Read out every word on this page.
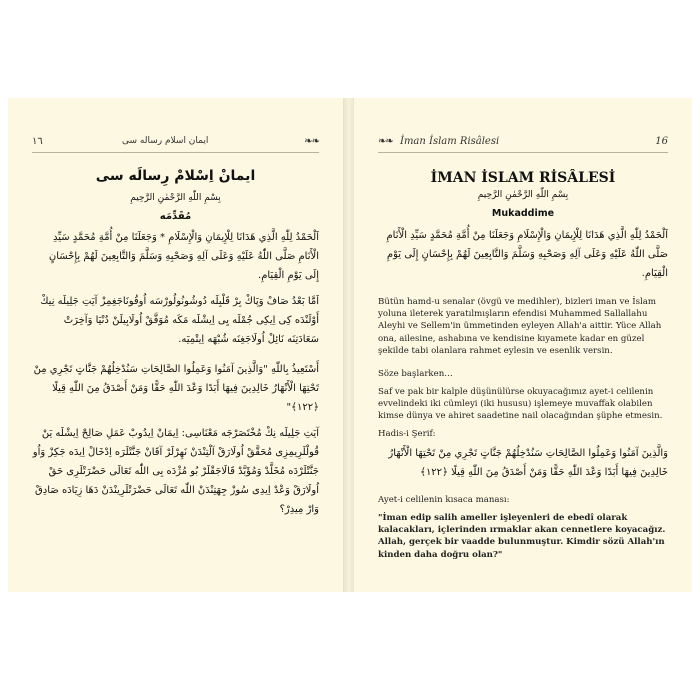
١٦	ایمان اسلام رساله سی	❧❧
ایمانْ اِسْلامْ رِسالَه سی
بِسْمِ اللّٰهِ الرَّحْمٰنِ الرَّحِيمِ
مُقَدِّمَه

اَلْحَمْدُ لِلّٰهِ الَّذِي هَدَانَا لِلْإِيمَانِ وَالْإِسْلَامِ * وَجَعَلَنَا مِنْ أُمَّةِ مُحَمَّدٍ سَيِّدِ الْأَنَامِ صَلَّى اللّٰهُ عَلَيْهِ وَعَلَى آلِهِ وَصَحْبِهِ وَسَلَّمَ وَالتَّابِعِينَ لَهُمْ بِإِحْسَانٍ إِلَى يَوْمِ الْقِيَامِ.

اَمَّا بَعْدُ صَافْ وَپَاكْ بِرْ قَلْبِلَه دُوشُونُولُورْسَه اُوقُونَاجَغِمِزْ آيَتِ جَلِيلَه نِيكْ أَوْلَنْدَه كِى اِيكِى جُمْلَه يِى اِيشْلَه مَكَه مُوَفَّقْ اُولَابِيلَنْ دُنْيَا وَآخِرَتْ سَعَادَتِنَه نَائِلْ اُولَاجَغِنَه شُبْهَه اِيتْمِيَه.

أَسْتَعِيذُ بِاللّٰهِ "وَالَّذِينَ آمَنُوا وَعَمِلُوا الصَّالِحَاتِ سَنُدْخِلُهُمْ جَنَّاتٍ تَجْرِي مِنْ تَحْتِهَا الْأَنْهَارُ خَالِدِينَ فِيهَا أَبَدًا وَعْدَ اللّٰهِ حَقًّا وَمَنْ أَصْدَقُ مِنَ اللّٰهِ قِيلًا ﴿١٢٢﴾"

آيَتِ جَلِيلَه نِكْ مُخْتَصَرْجَه مَعْنَاسِى: اِيمَانْ اِيدُوبْ عَمَلِ صَالِحْ اِيشْلَه يَنْ قُولْلَرِيمِزِى مُحَقَّقْ اُولَارَقْ آلْتِنْدَنْ نَهِرْلَرْ آقَانْ جَنَّتْلَرَه اِدْخَالْ اِيدَه جَكِزْ وَاُو جَنَّتْلَرْدَه مُخَلَّدْ وَمُؤَبَّدْ قَالَاجَقْلَرْ بُو مُژْدَه بِى اللّٰه تَعَالَى حَضْرَتْلَرِى حَقْ اُولَارَقْ وَعْدْ اِيدِى سُوزْ جِهَتِنْدَنْ اللّٰه تَعَالَى حَضْرَتْلَرِينْدَنْ دَهَا زِيَادَه صَادِقْ وَارْ مِيدِرْ؟

❧❧ İman İslam Risâlesi	16
İMAN İSLAM RİSÂLESİ
بِسْمِ اللّٰهِ الرَّحْمٰنِ الرَّحِيمِ
Mukaddime

اَلْحَمْدُ لِلّٰهِ الَّذِي هَدَانَا لِلْإِيمَانِ وَالْإِسْلَامِ وَجَعَلَنَا مِنْ أُمَّةِ مُحَمَّدٍ سَيِّدِ الْأَنَامِ صَلَّى اللّٰهُ عَلَيْهِ وَعَلَى آلِهِ وَصَحْبِهِ وَسَلَّمَ وَالتَّابِعِينَ لَهُمْ بِإِحْسَانٍ إِلَى يَوْمِ الْقِيَامِ.

Bütün hamd-u senalar (övgü ve medihler), bizleri iman ve İslam yoluna ileterek yaratılmışların efendisi Muhammed Sallallahu Aleyhi ve Sellem'in ümmetinden eyleyen Allah'a aittir. Yüce Allah ona, ailesine, ashabına ve kendisine kıyamete kadar en güzel şekilde tabi olanlara rahmet eylesin ve esenlik versin.

Söze başlarken…

Saf ve pak bir kalple düşünülürse okuyacağımız ayet-i celilenin evvelindeki iki cümleyi (iki hususu) işlemeye muvaffak olabilen kimse dünya ve ahiret saadetine nail olacağından şüphe etmesin.

Hadis-i Şerif:

وَالَّذِينَ آمَنُوا وَعَمِلُوا الصَّالِحَاتِ سَنُدْخِلُهُمْ جَنَّاتٍ تَجْرِي مِنْ تَحْتِهَا الْأَنْهَارُ خَالِدِينَ فِيهَا أَبَدًا وَعْدَ اللّٰهِ حَقًّا وَمَنْ أَصْدَقُ مِنَ اللّٰهِ قِيلًا ﴿١٢٢﴾

Ayet-i celilenin kısaca manası:

"İman edip salih ameller işleyenleri de ebedî olarak kalacakları, içlerinden ırmaklar akan cennetlere koyacağız. Allah, gerçek bir vaadde bulunmuştur. Kimdir sözü Allah'ın kinden daha doğru olan?"
